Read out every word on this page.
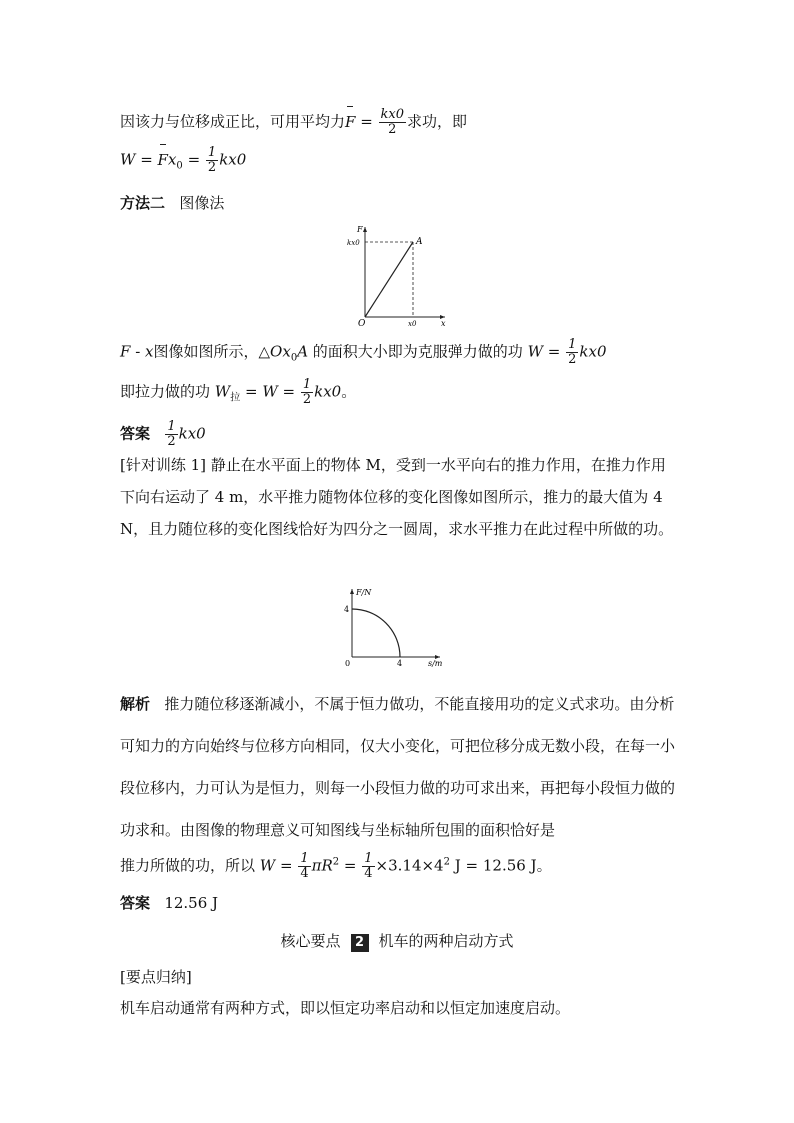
因该力与位移成正比，可用平均力$F = \frac{kx0}{2}$ 求功，即
$W = Fx_0 = \frac{1}{2} kx0$
方法二 图像法
F
x
O
A
kx0
x0
F - x图像如图所示，$\triangle Ox_0A$ 的面积大小即为克服弹力做的功 $W = \frac{1}{2} kx0$
即拉力做的功 $W_拉 = W = \frac{1}{2} kx0$。
答案 $\frac{1}{2} kx0$
[针对训练 1] 静止在水平面上的物体 M，受到一水平向右的推力作用，在推力作用下向右运动了 4 m，水平推力随物体位移的变化图像如图所示，推力的最大值为 4 N，且力随位移的变化图线恰好为四分之一圆周，求水平推力在此过程中所做的功。
F/N
s/m
0
4
4
解析 推力随位移逐渐减小，不属于恒力做功，不能直接用功的定义式求功。由分析可知力的方向始终与位移方向相同，仅大小变化，可把位移分成无数小段，在每一小段位移内，力可认为是恒力，则每一小段恒力做的功可求出来，再把每小段恒力做的功求和。由图像的物理意义可知图线与坐标轴所包围的面积恰好是
推力所做的功，所以 $W = \frac{1}{4} \pi R^2 = \frac{1}{4} \times 3.14\times 4^2$ J = 12.56 J。
答案 12.56 J
核心要点 2 机车的两种启动方式
[要点归纳]
机车启动通常有两种方式，即以恒定功率启动和以恒定加速度启动。
